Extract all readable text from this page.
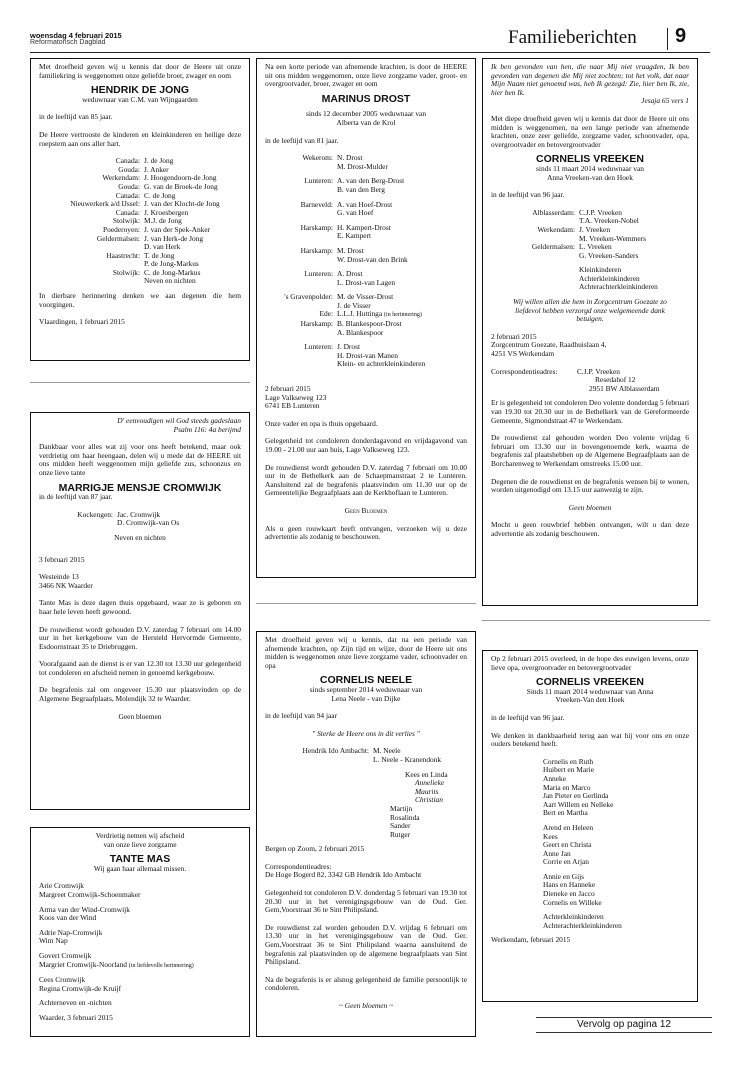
woensdag 4 februari 2015
Reformatorisch Dagblad	Familieberichten 9

Met droefheid geven wij u kennis dat door de Heere uit onze familiekring is weggenomen onze geliefde broer, zwager en oom

HENDRIK DE JONG

weduwnaar van C.M. van Wijngaarden

in de leeftijd van 85 jaar.

De Heere vertrooste de kinderen en kleinkinderen en heilige deze roepstem aan ons aller hart.

Canada: J. de Jong
Gouda: J. Anker
Werkendam: J. Hoogendoorn-de Jong
Gouda: G. van de Broek-de Jong
Canada: C. de Jong
Nieuwerkerk a/d IJssel: J. van der Klocht-de Jong
Canada: J. Kroesbergen
Stolwijk: M.J. de Jong
Poederoyen: J. van der Spek-Anker
Geldermalsen: J. van Herk-de Jong
D. van Herk
Haastrecht: T. de Jong
P. de Jong-Markus
Stolwijk: C. de Jong-Markus
Neven en nichten

In dierbare herinnering denken we aan degenen die hem voorgingen.

Vlaardingen, 1 februari 2015

D' eenvoudigen wil God steeds gadeslaan

Psalm 116: 4a berijmd

Dankbaar voor alles wat zij voor ons heeft betekend, maar ook verdrietig om haar heengaan, delen wij u mede dat de HEERE uit ons midden heeft weggenomen mijn geliefde zus, schoonzus en onze lieve tante

MARRIGJE MENSJE CROMWIJK

in de leeftijd van 87 jaar.

Kockengen: Jac. Cromwijk
D. Cromwijk-van Os

Neven en nichten

3 februari 2015

Westeinde 13

3466 NK Waarder

Tante Mas is deze dagen thuis opgebaard, waar ze is geboren en haar hele leven heeft gewoond.

De rouwdienst wordt gehouden D.V. zaterdag 7 februari om 14.00 uur in het kerkgebouw van de Hersteld Hervormde Gemeente, Esdoornstraat 35 te Driebruggen.

Voorafgaand aan de dienst is er van 12.30 tot 13.30 uur gelegenheid tot condoleren en afscheid nemen in genoemd kerkgebouw.

De begrafenis zal om ongeveer 15.30 uur plaatsvinden op de Algemene Begraafplaats, Molendijk 32 te Waarder.

Geen bloemen

Verdrietig nemen wij afscheid

van onze lieve zorgzame

TANTE MAS

Wij gaan haar allemaal missen.

Arie Cromwijk
Margreet Cromwijk-Schoenmaker
Arma van der Wind-Cromwijk
Koos van der Wind
Adrie Nap-Cromwijk
Wim Nap
Govert Cromwijk
Margriet Cromwijk-Noorland (in liefdevolle herinnering)
Cees Cromwijk
Regina Cromwijk-de Kruijf
Achterneven en -nichten

Waarder, 3 februari 2015

Na een korte periode van afnemende krachten, is door de HEERE uit ons midden weggenomen, onze lieve zorgzame vader, groot- en overgrootvader, broer, zwager en oom

MARINUS DROST

sinds 12 december 2005 weduwnaar van

Alberta van de Krol

in de leeftijd van 81 jaar.

Wekerom: N. Drost
M. Drost-Mulder
Lunteren: A. van den Berg-Drost
B. van den Berg
Barneveld: A. van Hoef-Drost
G. van Hoef
Harskamp: H. Kampert-Drost
E. Kampert
Harskamp: M. Drost
W. Drost-van den Brink
Lunteren: A. Drost
L. Drost-van Lagen
's Gravenpolder: M. de Visser-Drost
J. de Visser
Ede: L.L.J. Huttinga (in herinnering)
Harskamp: B. Blankespoor-Drost
A. Blankespoor
Lunteren: J. Drost
H. Drost-van Manen
Klein- en achterkleinkinderen

2 februari 2015

Lage Valkseweg 123

6741 EB Lunteren

Onze vader en opa is thuis opgebaard.

Gelegenheid tot condoleren donderdagavond en vrijdagavond van 19.00 - 21.00 uur aan huis, Lage Valkseweg 123.

De rouwdienst wordt gehouden D.V. zaterdag 7 februari om 10.00 uur in de Bethelkerk aan de Schaepmanstraat 2 te Lunteren. Aansluitend zal de begrafenis plaatsvinden om 11.30 uur op de Gemeentelijke Begraafplaats aan de Kerkhoflaan te Lunteren.

Geen Bloemen

Als u geen rouwkaart heeft ontvangen, verzoeken wij u deze advertentie als zodanig te beschouwen.

Met droefheid geven wij u kennis, dat na een periode van afnemende krachten, op Zijn tijd en wijze, door de Heere uit ons midden is weggenomen onze lieve zorgzame vader, schoonvader en opa

CORNELIS NEELE

sinds september 2014 weduwnaar van

Lena Neele - van Dijke

in de leeftijd van 94 jaar

" Sterke de Heere ons in dit verlies "

Hendrik Ido Ambacht: M. Neele
L. Neele - Kranendonk
Kees en Linda
Annelieke
Maurits
Christian
Martijn
Rosalinda
Sander
Rutger

Bergen op Zoom, 2 februari 2015

Correspondentieadres:

De Hoge Bogerd 82, 3342 GB Hendrik Ido Ambacht

Gelegenheid tot condoleren D.V. donderdag 5 februari van 19.30 tot 20.30 uur in het verenigingsgebouw van de Oud. Ger. Gem,Voorstraat 36 te Sint Philipsland.

De rouwdienst zal worden gehouden D.V. vrijdag 6 februari om 13.30 uur in het verenigingsgebouw van de Oud. Ger. Gem,Voorstraat 36 te Sint Philipsland waarna aansluitend de begrafenis zal plaatsvinden op de algemene begraafplaats van Sint Philipsland.

Na de begrafenis is er alsnog gelegenheid de familie persoonlijk te condoleren.

~ Geen bloemen ~

Ik ben gevonden van hen, die naar Mij niet vraagden, Ik ben gevonden van degenen die Mij niet zochten; tot het volk, dat naar Mijn Naam niet genoemd was, heb Ik gezegd: Zie, hier ben Ik, zie, hier ben Ik.

Jesaja 65 vers 1

Met diepe droefheid geven wij u kennis dat door de Heere uit ons midden is weggenomen, na een lange periode van afnemende krachten, onze zeer geliefde, zorgzame vader, schoonvader, opa, overgrootvader en betovergrootvader

CORNELIS VREEKEN

sinds 11 maart 2014 weduwnaar van

Anna Vreeken-van den Hoek

in de leeftijd van 96 jaar.

Alblasserdam: C.J.P. Vreeken
T.A. Vreeken-Nobel
Werkendam: J. Vreeken
M. Vreeken-Wemmers
Geldermalsen: L. Vreeken
G. Vreeken-Sanders
Kleinkinderen
Achterkleinkinderen
Achterachterkleinkinderen

Wij willen allen die hem in Zorgcentrum Goezate zo liefdevol hebben verzorgd onze welgemeende dank betuigen.

2 februari 2015

Zorgcentrum Goezate, Raadhuislaan 4,

4251 VS Werkendam

Correspondentieadres:	C.J.P. Vreeken
Resedahof 12
2951 BW Alblasserdam

Er is gelegenheid tot condoleren Deo volente donderdag 5 februari van 19.30 tot 20.30 uur in de Bethelkerk van de Gereformeerde Gemeente, Sigmondstraat 47 te Werkendam.

De rouwdienst zal gehouden worden Deo volente vrijdag 6 februari om 13.30 uur in bovengenoemde kerk, waarna de begrafenis zal plaatshebben op de Algemene Begraafplaats aan de Borcharenweg te Werkendam omstreeks 15.00 uur.

Degenen die de rouwdienst en de begrafenis wensen bij te wonen, worden uitgenodigd om 13.15 uur aanwezig te zijn.

Geen bloemen

Mocht u geen rouwbrief hebben ontvangen, wilt u dan deze advertentie als zodanig beschouwen.

Op 2 februari 2015 overleed, in de hope des euwigen levens, onze lieve opa, overgrootvader en betovergrootvader

CORNELIS VREEKEN

Sinds 11 maart 2014 weduwnaar van Anna

Vreeken-Van den Hoek

in de leeftijd van 96 jaar.

We denken in dankbaarheid terug aan wat hij voor ons en onze ouders betekend heeft.

Cornelis en Ruth
Huibert en Marie
Anneke
Maria en Marco
Jan Pieter en Gerlinda
Aart Willem en Nelleke
Bert en Martha
Arend en Heleen
Kees
Geert en Christa
Anne Jan
Corrie en Arjan
Annie en Gijs
Hans en Hanneke
Dieneke en Jacco
Cornelis en Willeke
Achterkleinkinderen
Achterachterkleinkinderen

Werkendam, februari 2015

Vervolg op pagina 12
